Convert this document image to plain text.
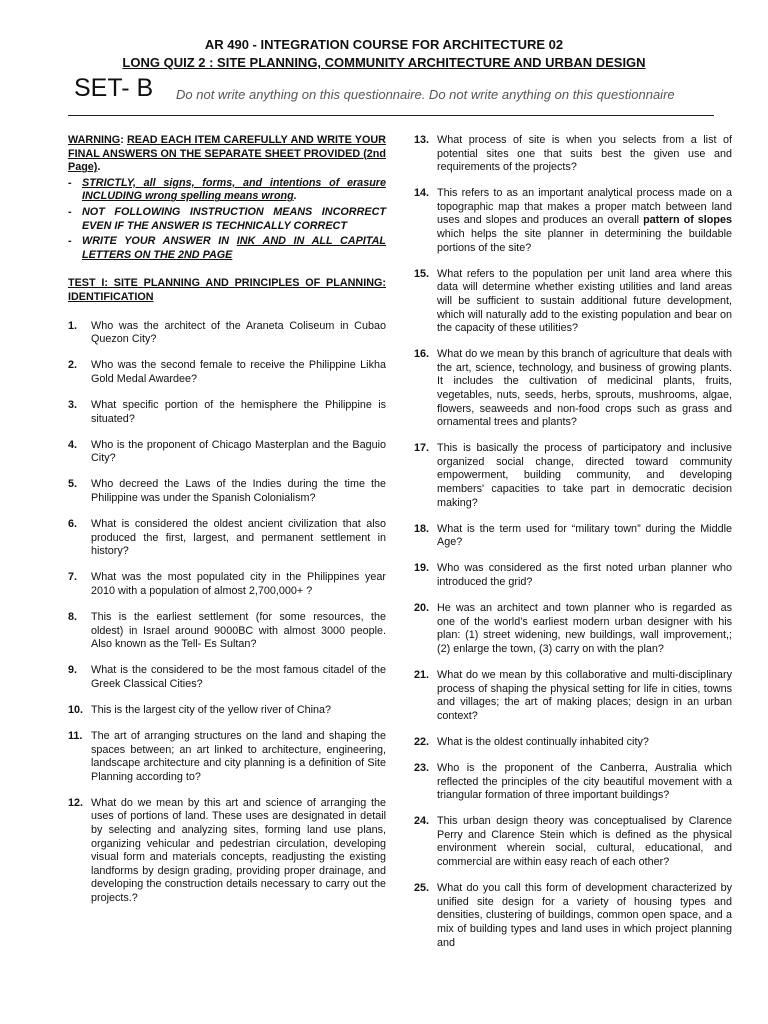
AR 490 - INTEGRATION COURSE FOR ARCHITECTURE 02
LONG QUIZ 2 : SITE PLANNING, COMMUNITY ARCHITECTURE AND URBAN DESIGN
SET- B Do not write anything on this questionnaire. Do not write anything on this questionnaire
WARNING: READ EACH ITEM CAREFULLY AND WRITE YOUR FINAL ANSWERS ON THE SEPARATE SHEET PROVIDED (2nd Page).
- STRICTLY, all signs, forms, and intentions of erasure INCLUDING wrong spelling means wrong.
- NOT FOLLOWING INSTRUCTION MEANS INCORRECT EVEN IF THE ANSWER IS TECHNICALLY CORRECT
- WRITE YOUR ANSWER IN INK AND IN ALL CAPITAL LETTERS ON THE 2ND PAGE
TEST I: SITE PLANNING AND PRINCIPLES OF PLANNING: IDENTIFICATION
1.	Who was the architect of the Araneta Coliseum in Cubao Quezon City?
2.	Who was the second female to receive the Philippine Likha Gold Medal Awardee?
3.	What specific portion of the hemisphere the Philippine is situated?
4.	Who is the proponent of Chicago Masterplan and the Baguio City?
5.	Who decreed the Laws of the Indies during the time the Philippine was under the Spanish Colonialism?
6.	What is considered the oldest ancient civilization that also produced the first, largest, and permanent settlement in history?
7.	What was the most populated city in the Philippines year 2010 with a population of almost 2,700,000+ ?
8.	This is the earliest settlement (for some resources, the oldest) in Israel around 9000BC with almost 3000 people. Also known as the Tell- Es Sultan?
9.	What is the considered to be the most famous citadel of the Greek Classical Cities?
10. This is the largest city of the yellow river of China?
11. The art of arranging structures on the land and shaping the spaces between; an art linked to architecture, engineering, landscape architecture and city planning is a definition of Site Planning according to?
12. What do we mean by this art and science of arranging the uses of portions of land. These uses are designated in detail by selecting and analyzing sites, forming land use plans, organizing vehicular and pedestrian circulation, developing visual form and materials concepts, readjusting the existing landforms by design grading, providing proper drainage, and developing the construction details necessary to carry out the projects.?
13. What process of site is when you selects from a list of potential sites one that suits best the given use and requirements of the projects?
14. This refers to as an important analytical process made on a topographic map that makes a proper match between land uses and slopes and produces an overall pattern of slopes which helps the site planner in determining the buildable portions of the site?
15. What refers to the population per unit land area where this data will determine whether existing utilities and land areas will be sufficient to sustain additional future development, which will naturally add to the existing population and bear on the capacity of these utilities?
16. What do we mean by this branch of agriculture that deals with the art, science, technology, and business of growing plants. It includes the cultivation of medicinal plants, fruits, vegetables, nuts, seeds, herbs, sprouts, mushrooms, algae, flowers, seaweeds and non-food crops such as grass and ornamental trees and plants?
17. This is basically the process of participatory and inclusive organized social change, directed toward community empowerment, building community, and developing members' capacities to take part in democratic decision making?
18. What is the term used for “military town” during the Middle Age?
19. Who was considered as the first noted urban planner who introduced the grid?
20. He was an architect and town planner who is regarded as one of the world’s earliest modern urban designer with his plan: (1) street widening, new buildings, wall improvement,;(2) enlarge the town, (3) carry on with the plan?
21. What do we mean by this collaborative and multi-disciplinary process of shaping the physical setting for life in cities, towns and villages; the art of making places; design in an urban context?
22. What is the oldest continually inhabited city?
23. Who is the proponent of the Canberra, Australia which reflected the principles of the city beautiful movement with a triangular formation of three important buildings?
24. This urban design theory was conceptualised by Clarence Perry and Clarence Stein which is defined as the physical environment wherein social, cultural, educational, and commercial are within easy reach of each other?
25. What do you call this form of development characterized by unified site design for a variety of housing types and densities, clustering of buildings, common open space, and a mix of building types and land uses in which project planning and
